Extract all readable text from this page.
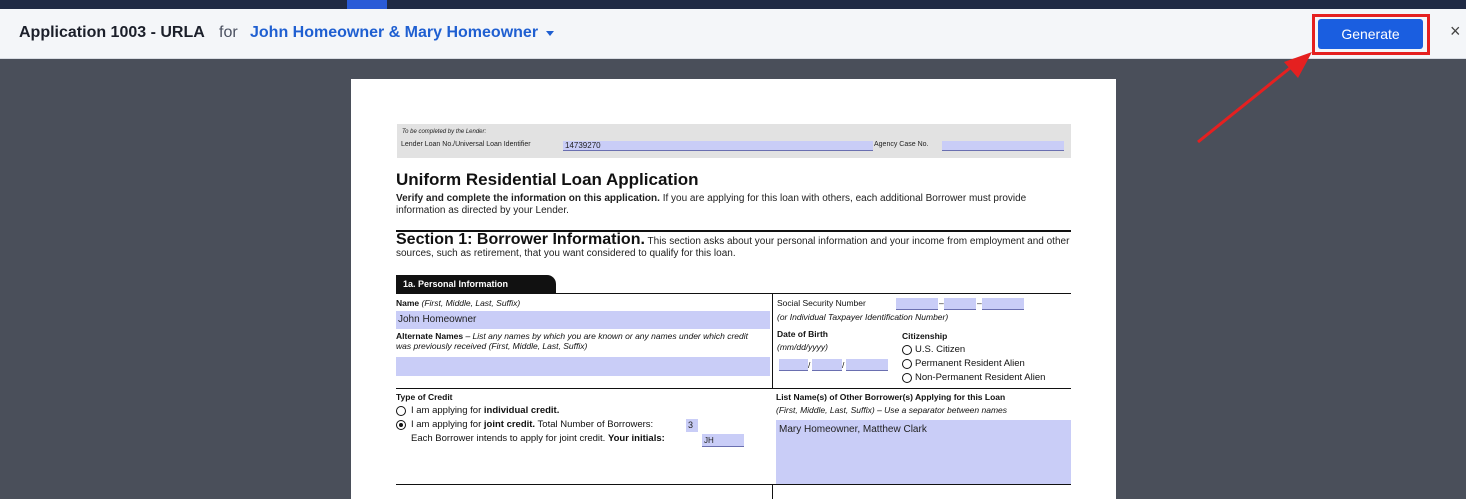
Application 1003 - URLA for John Homeowner & Mary Homeowner	Generate	×
To be completed by the Lender:
Lender Loan No./Universal Loan Identifier	14739270	Agency Case No.
Uniform Residential Loan Application
Verify and complete the information on this application. If you are applying for this loan with others, each additional Borrower must provide information as directed by your Lender.
Section 1: Borrower Information. This section asks about your personal information and your income from employment and other sources, such as retirement, that you want considered to qualify for this loan.
1a. Personal Information
Name (First, Middle, Last, Suffix)
John Homeowner
Alternate Names – List any names by which you are known or any names under which credit was previously received (First, Middle, Last, Suffix)
Social Security Number	–	–
(or Individual Taxpayer Identification Number)
Date of Birth
(mm/dd/yyyy)
/	/
Citizenship
U.S. Citizen
Permanent Resident Alien
Non-Permanent Resident Alien
Type of Credit
I am applying for individual credit.
I am applying for joint credit. Total Number of Borrowers:	3
Each Borrower intends to apply for joint credit. Your initials:	JH
List Name(s) of Other Borrower(s) Applying for this Loan
(First, Middle, Last, Suffix) – Use a separator between names
Mary Homeowner, Matthew Clark
